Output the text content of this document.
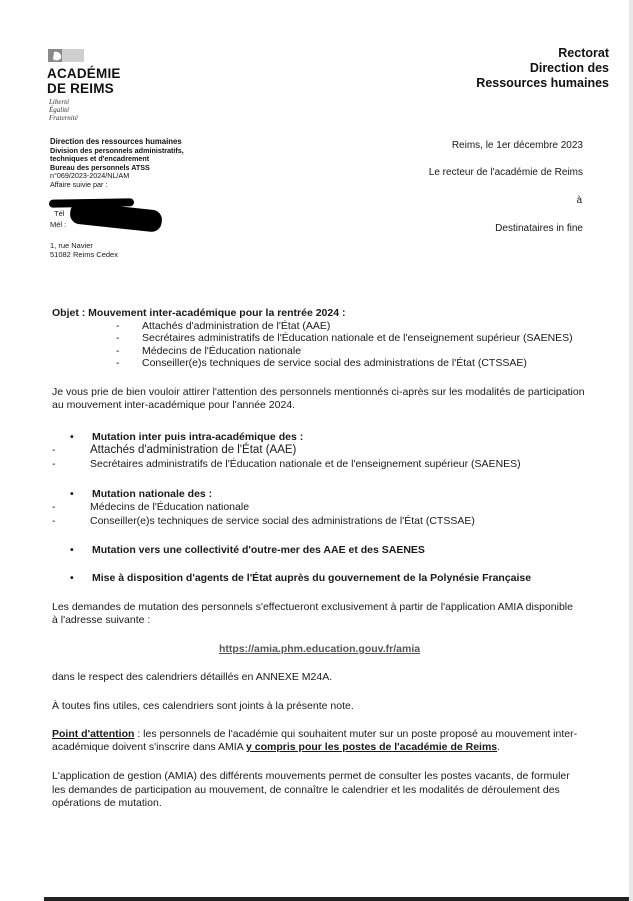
ACADÉMIE
DE REIMS
Liberté
Égalité
Fraternité
Rectorat
Direction des
Ressources humaines
Direction des ressources humaines
Division des personnels administratifs,
techniques et d'encadrement
Bureau des personnels ATSS
n°069/2023-2024/NL/AM
Affaire suivie par :
Tél
Mél :
1, rue Navier
51082 Reims Cedex
Reims, le 1er décembre 2023
Le recteur de l'académie de Reims
à
Destinataires in fine
Objet : Mouvement inter-académique pour la rentrée 2024 :
-	Attachés d'administration de l'État (AAE)
-	Secrétaires administratifs de l'Éducation nationale et de l'enseignement supérieur (SAENES)
-	Médecins de l'Éducation nationale
-	Conseiller(e)s techniques de service social des administrations de l'État (CTSSAE)
Je vous prie de bien vouloir attirer l'attention des personnels mentionnés ci-après sur les modalités de participation
au mouvement inter-académique pour l'année 2024.
•	Mutation inter puis intra-académique des :
-	Attachés d'administration de l'État (AAE)
-	Secrétaires administratifs de l'Éducation nationale et de l'enseignement supérieur (SAENES)
•	Mutation nationale des :
-	Médecins de l'Éducation nationale
-	Conseiller(e)s techniques de service social des administrations de l'État (CTSSAE)
•	Mutation vers une collectivité d'outre-mer des AAE et des SAENES
•	Mise à disposition d'agents de l'État auprès du gouvernement de la Polynésie Française
Les demandes de mutation des personnels s'effectueront exclusivement à partir de l'application AMIA disponible
à l'adresse suivante :
https://amia.phm.education.gouv.fr/amia
dans le respect des calendriers détaillés en ANNEXE M24A.
À toutes fins utiles, ces calendriers sont joints à la présente note.
Point d'attention : les personnels de l'académie qui souhaitent muter sur un poste proposé au mouvement inter-
académique doivent s'inscrire dans AMIA y compris pour les postes de l'académie de Reims.
L'application de gestion (AMIA) des différents mouvements permet de consulter les postes vacants, de formuler
les demandes de participation au mouvement, de connaître le calendrier et les modalités de déroulement des
opérations de mutation.
